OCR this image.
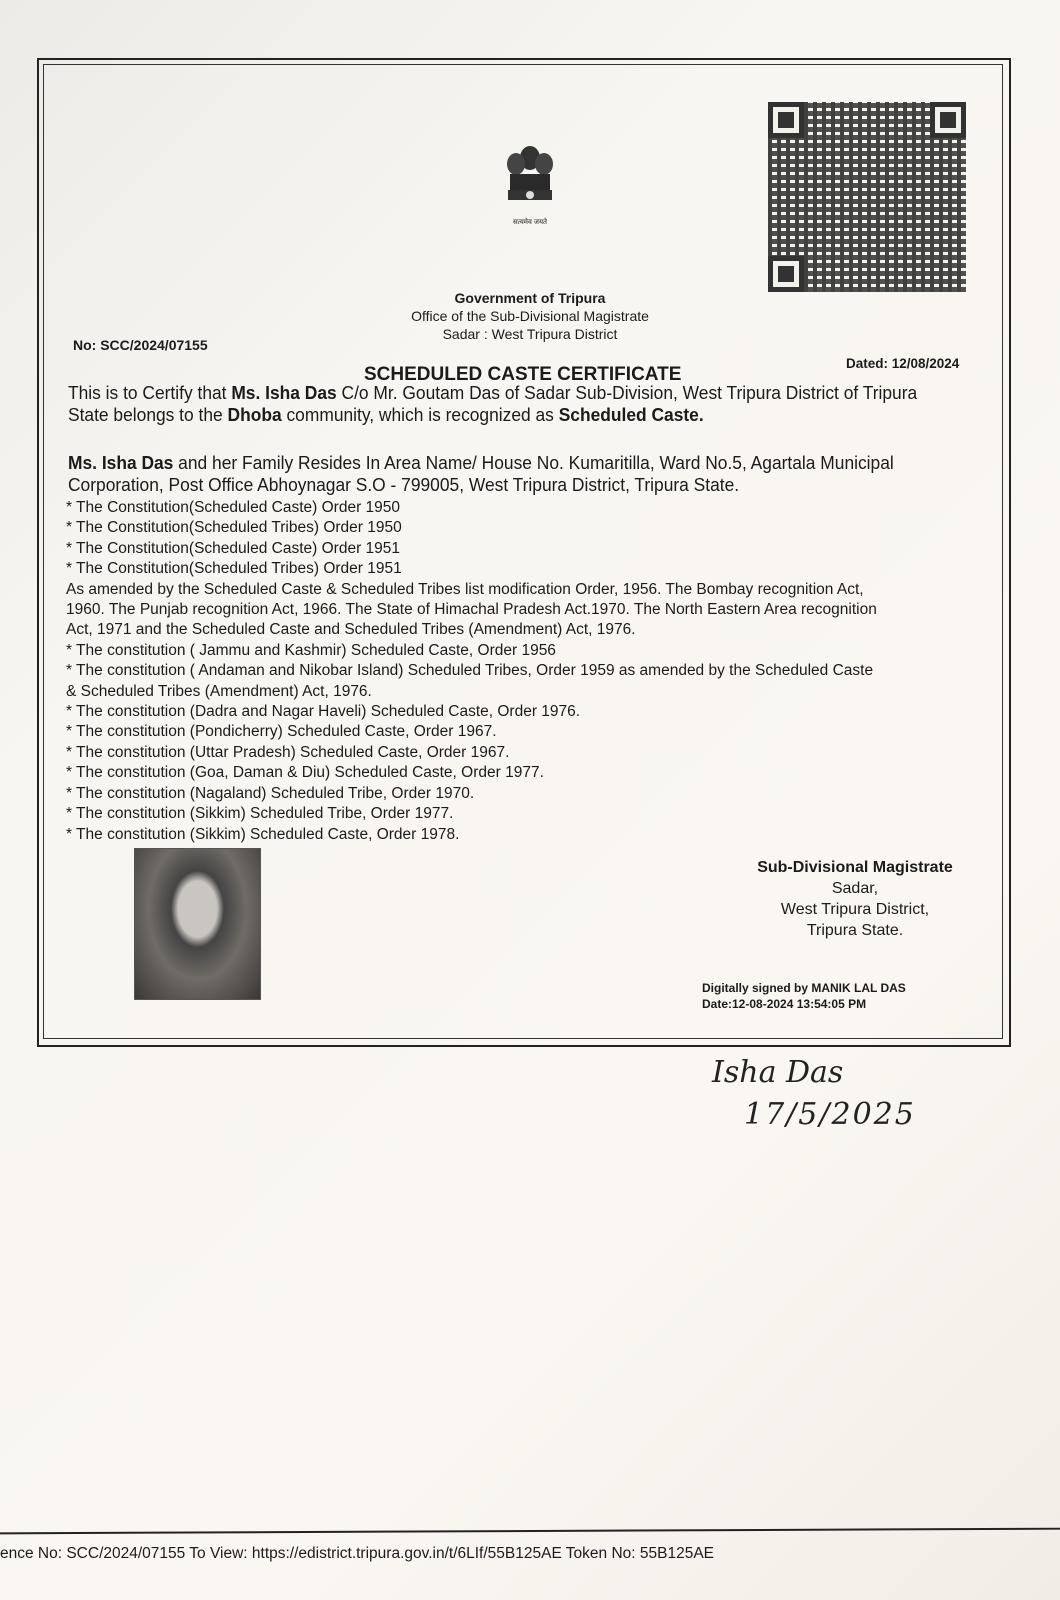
सत्यमेव जयते
Government of Tripura
Office of the Sub-Divisional Magistrate
Sadar : West Tripura District
No: SCC/2024/07155
Dated: 12/08/2024
SCHEDULED CASTE CERTIFICATE
This is to Certify that Ms. Isha Das C/o Mr. Goutam Das of Sadar Sub-Division, West Tripura District of Tripura State belongs to the Dhoba community, which is recognized as Scheduled Caste.
Ms. Isha Das and her Family Resides In Area Name/ House No. Kumaritilla, Ward No.5, Agartala Municipal Corporation, Post Office Abhoynagar S.O - 799005, West Tripura District, Tripura State.
* The Constitution(Scheduled Caste) Order 1950
* The Constitution(Scheduled Tribes) Order 1950
* The Constitution(Scheduled Caste) Order 1951
* The Constitution(Scheduled Tribes) Order 1951
As amended by the Scheduled Caste & Scheduled Tribes list modification Order, 1956. The Bombay recognition Act,
1960. The Punjab recognition Act, 1966. The State of Himachal Pradesh Act.1970. The North Eastern Area recognition
Act, 1971 and the Scheduled Caste and Scheduled Tribes (Amendment) Act, 1976.
* The constitution ( Jammu and Kashmir) Scheduled Caste, Order 1956
* The constitution ( Andaman and Nikobar Island) Scheduled Tribes, Order 1959 as amended by the Scheduled Caste
& Scheduled Tribes (Amendment) Act, 1976.
* The constitution (Dadra and Nagar Haveli) Scheduled Caste, Order 1976.
* The constitution (Pondicherry) Scheduled Caste, Order 1967.
* The constitution (Uttar Pradesh) Scheduled Caste, Order 1967.
* The constitution (Goa, Daman & Diu) Scheduled Caste, Order 1977.
* The constitution (Nagaland) Scheduled Tribe, Order 1970.
* The constitution (Sikkim) Scheduled Tribe, Order 1977.
* The constitution (Sikkim) Scheduled Caste, Order 1978.
Sub-Divisional Magistrate
Sadar,
West Tripura District,
Tripura State.
Digitally signed by MANIK LAL DAS
Date:12-08-2024 13:54:05 PM
Isha Das
17/5/2025
ence No: SCC/2024/07155 To View: https://edistrict.tripura.gov.in/t/6LIf/55B125AE Token No: 55B125AE
